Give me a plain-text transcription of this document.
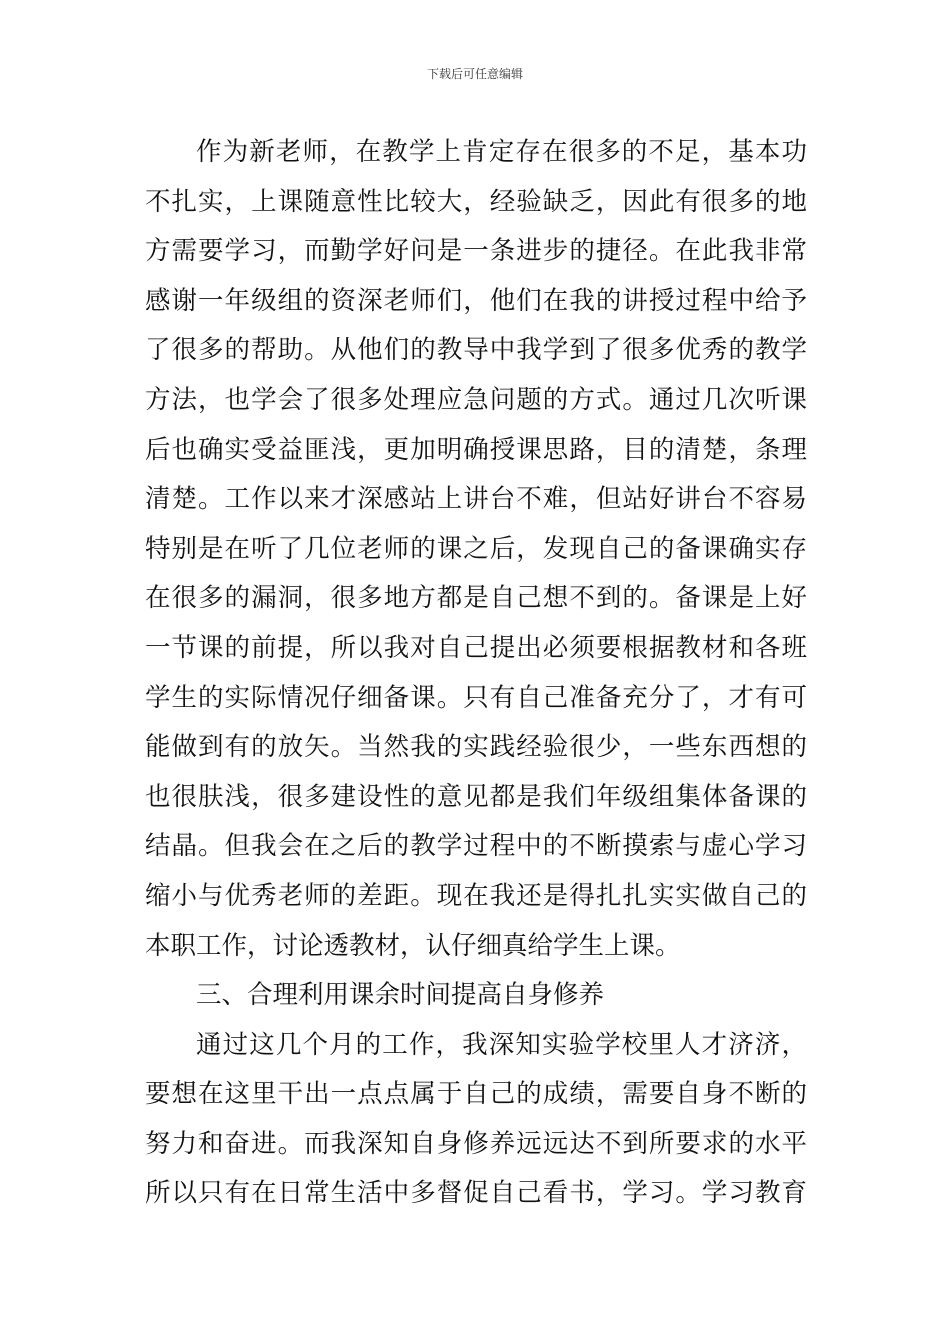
下载后可任意编辑
作为新老师，在教学上肯定存在很多的不足，基本功
不扎实，上课随意性比较大，经验缺乏，因此有很多的地
方需要学习，而勤学好问是一条进步的捷径。在此我非常
感谢一年级组的资深老师们，他们在我的讲授过程中给予
了很多的帮助。从他们的教导中我学到了很多优秀的教学
方法，也学会了很多处理应急问题的方式。通过几次听课
后也确实受益匪浅，更加明确授课思路，目的清楚，条理
清楚。工作以来才深感站上讲台不难，但站好讲台不容易
特别是在听了几位老师的课之后，发现自己的备课确实存
在很多的漏洞，很多地方都是自己想不到的。备课是上好
一节课的前提，所以我对自己提出必须要根据教材和各班
学生的实际情况仔细备课。只有自己准备充分了，才有可
能做到有的放矢。当然我的实践经验很少，一些东西想的
也很肤浅，很多建设性的意见都是我们年级组集体备课的
结晶。但我会在之后的教学过程中的不断摸索与虚心学习
缩小与优秀老师的差距。现在我还是得扎扎实实做自己的
本职工作，讨论透教材，认仔细真给学生上课。
三、合理利用课余时间提高自身修养
通过这几个月的工作，我深知实验学校里人才济济，
要想在这里干出一点点属于自己的成绩，需要自身不断的
努力和奋进。而我深知自身修养远远达不到所要求的水平
所以只有在日常生活中多督促自己看书，学习。学习教育
